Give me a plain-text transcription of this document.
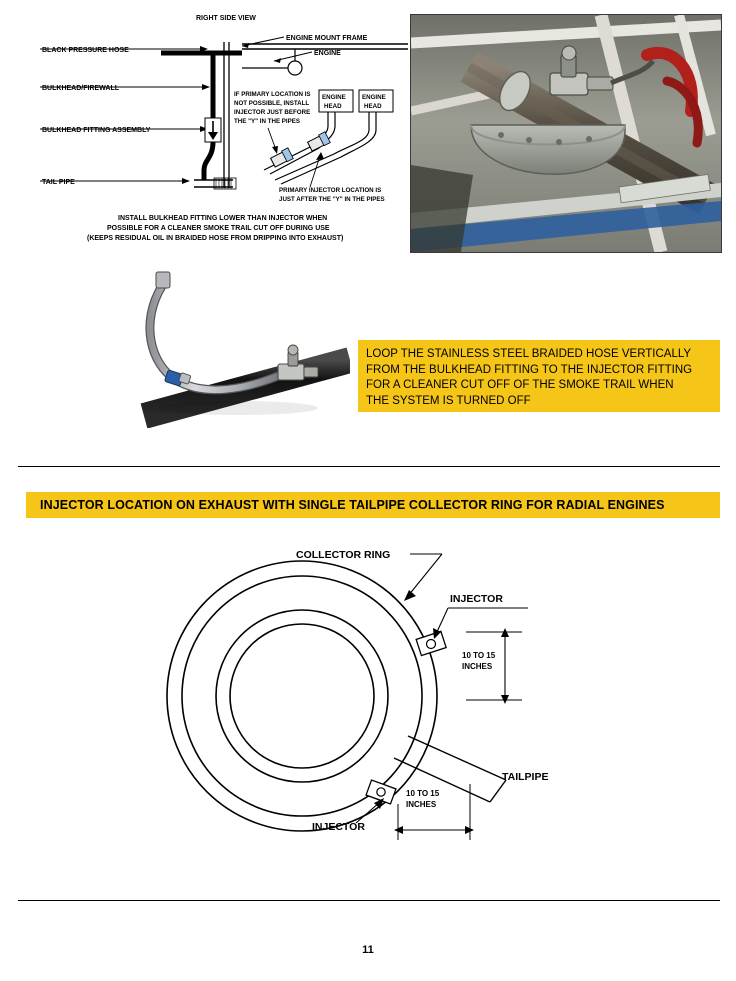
RIGHT SIDE VIEW
ENGINE MOUNT FRAME
ENGINE
BLACK PRESSURE HOSE
BULKHEAD/FIREWALL
BULKHEAD FITTING ASSEMBLY
TAIL PIPE
ENGINE
HEAD
ENGINE
HEAD
IF PRIMARY LOCATION IS
NOT POSSIBLE, INSTALL
INJECTOR JUST BEFORE
THE "Y" IN THE PIPES
PRIMARY INJECTOR LOCATION IS
JUST AFTER THE "Y" IN THE PIPES
INSTALL BULKHEAD FITTING LOWER THAN INJECTOR WHEN
POSSIBLE FOR A CLEANER SMOKE TRAIL CUT OFF DURING USE
(KEEPS RESIDUAL OIL IN BRAIDED HOSE FROM DRIPPING INTO EXHAUST)
LOOP THE STAINLESS STEEL BRAIDED HOSE VERTICALLY
FROM THE BULKHEAD FITTING TO THE INJECTOR FITTING
FOR A CLEANER CUT OFF OF THE SMOKE TRAIL WHEN
THE SYSTEM IS TURNED OFF
INJECTOR LOCATION ON EXHAUST WITH SINGLE TAILPIPE COLLECTOR RING FOR RADIAL ENGINES
COLLECTOR RING
INJECTOR
10 TO 15
INCHES
TAILPIPE
INJECTOR
10 TO 15
INCHES
11
